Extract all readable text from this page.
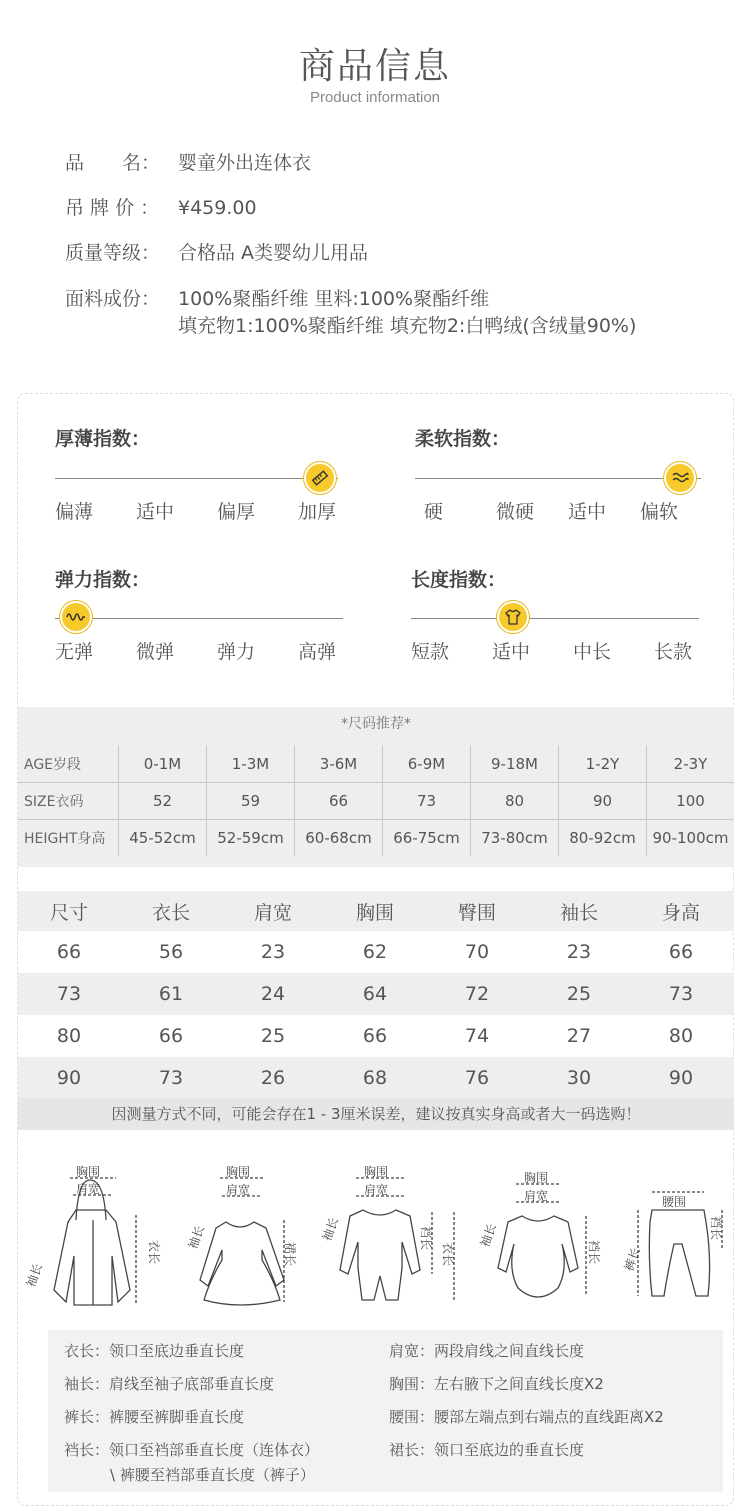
商品信息
Product information
品　　名： 婴童外出连体衣
吊 牌 价 ： ¥459.00
质量等级： 合格品 A类婴幼儿用品
面料成份： 100%聚酯纤维 里料:100%聚酯纤维
填充物1:100%聚酯纤维 填充物2:白鸭绒(含绒量90%)
厚薄指数：
偏薄	适中	偏厚	加厚
柔软指数：
硬	微硬	适中	偏软
弹力指数：
无弹	微弹	弹力	高弹
长度指数：
短款	适中	中长	长款
*尺码推荐*
AGE岁段	0-1M	1-3M	3-6M	6-9M	9-18M	1-2Y	2-3Y
SIZE衣码	52	59	66	73	80	90	100
HEIGHT身高	45-52cm	52-59cm	60-68cm	66-75cm	73-80cm	80-92cm	90-100cm
尺寸	衣长	肩宽	胸围	臀围	袖长	身高
66	56	23	62	70	23	66
73	61	24	64	72	25	73
80	66	25	66	74	27	80
90	73	26	68	76	30	90
因测量方式不同，可能会存在1 - 3厘米误差，建议按真实身高或者大一码选购！
胸围
肩宽
袖长
衣长
胸围
肩宽
袖长
裙长
胸围
肩宽
袖长	裆长
衣长
胸围
肩宽
袖长
裆长
腰围
裤长
裆长
衣长：领口至底边垂直长度	肩宽：两段肩线之间直线长度
袖长：肩线至袖子底部垂直长度	胸围：左右腋下之间直线长度X2
裤长：裤腰至裤脚垂直长度	腰围：腰部左端点到右端点的直线距离X2
裆长：领口至裆部垂直长度（连体衣）	裙长：领口至底边的垂直长度
\ 裤腰至裆部垂直长度（裤子）
